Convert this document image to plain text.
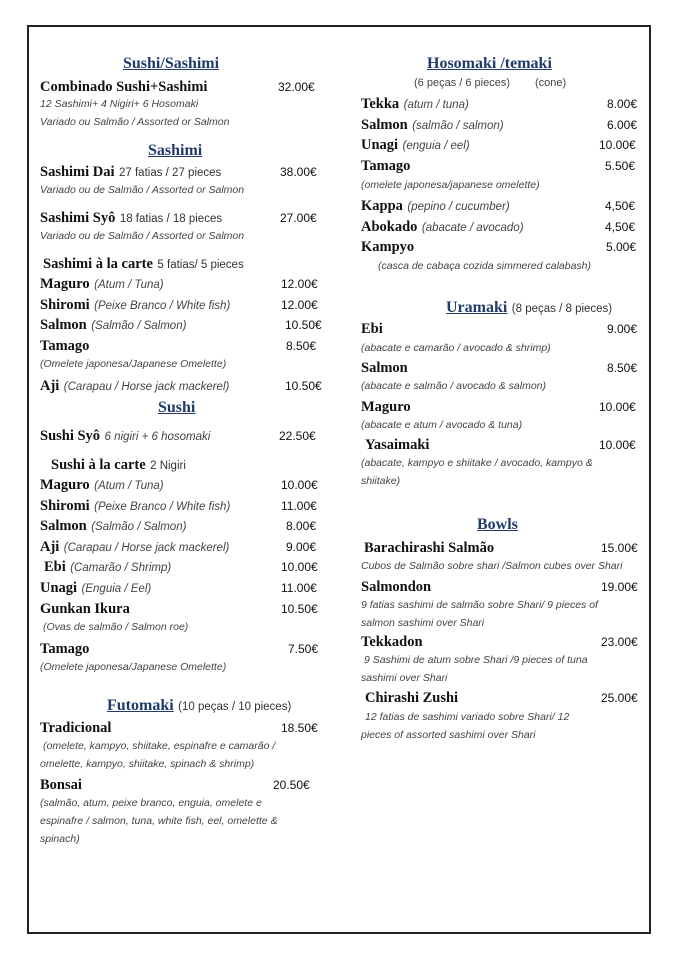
Sushi/Sashimi
Combinado Sushi+Sashimi	32.00€
12 Sashimi+ 4 Nigiri+ 6 Hosomaki
Variado ou Salmão / Assorted or Salmon
Sashimi
Sashimi Dai 27 fatias / 27 pieces	38.00€
Variado ou de Salmão / Assorted or Salmon
Sashimi Syô 18 fatias / 18 pieces	27.00€
Variado ou de Salmão / Assorted or Salmon
Sashimi à la carte 5 fatias/ 5 pieces
Maguro (Atum / Tuna)	12.00€
Shiromi (Peixe Branco / White fish)	12.00€
Salmon (Salmão / Salmon)	10.50€
Tamago	8.50€
(Omelete japonesa/Japanese Omelette)
Aji (Carapau / Horse jack mackerel)	10.50€
Sushi
Sushi Syô 6 nigiri + 6 hosomaki	22.50€
Sushi à la carte 2 Nigiri
Maguro (Atum / Tuna)	10.00€
Shiromi (Peixe Branco / White fish)	11.00€
Salmon (Salmão / Salmon)	8.00€
Aji (Carapau / Horse jack mackerel)	9.00€
Ebi (Camarão / Shrimp)	10.00€
Unagi (Enguia / Eel)	11.00€
Gunkan Ikura	10.50€
(Ovas de salmão / Salmon roe)
Tamago	7.50€
(Omelete japonesa/Japanese Omelette)
Futomaki (10 peças / 10 pieces)
Tradicional	18.50€
(omelete, kampyo, shiitake, espinafre e camarão /
omelette, kampyo, shiitake, spinach & shrimp)
Bonsai	20.50€
(salmão, atum, peixe branco, enguia, omelete e
espinafre / salmon, tuna, white fish, eel, omelette &
spinach)
Hosomaki /temaki
(6 peças / 6 pieces) (cone)
Tekka (atum / tuna)	8.00€
Salmon (salmão / salmon)	6.00€
Unagi (enguia / eel)	10.00€
Tamago	5.50€
(omelete japonesa/japanese omelette)
Kappa (pepino / cucumber)	4,50€
Abokado (abacate / avocado)	4,50€
Kampyo	5.00€
(casca de cabaça cozida simmered calabash)
Uramaki (8 peças / 8 pieces)
Ebi	9.00€
(abacate e camarão / avocado & shrimp)
Salmon	8.50€
(abacate e salmão / avocado & salmon)
Maguro	10.00€
(abacate e atum / avocado & tuna)
Yasaimaki	10.00€
(abacate, kampyo e shiitake / avocado, kampyo &
shiitake)
Bowls
Barachirashi Salmão	15.00€
Cubos de Salmão sobre shari /Salmon cubes over Shari
Salmondon	19.00€
9 fatias sashimi de salmão sobre Shari/ 9 pieces of
salmon sashimi over Shari
Tekkadon	23.00€
9 Sashimi de atum sobre Shari /9 pieces of tuna
sashimi over Shari
Chirashi Zushi	25.00€
12 fatias de sashimi variado sobre Shari/ 12
pieces of assorted sashimi over Shari
